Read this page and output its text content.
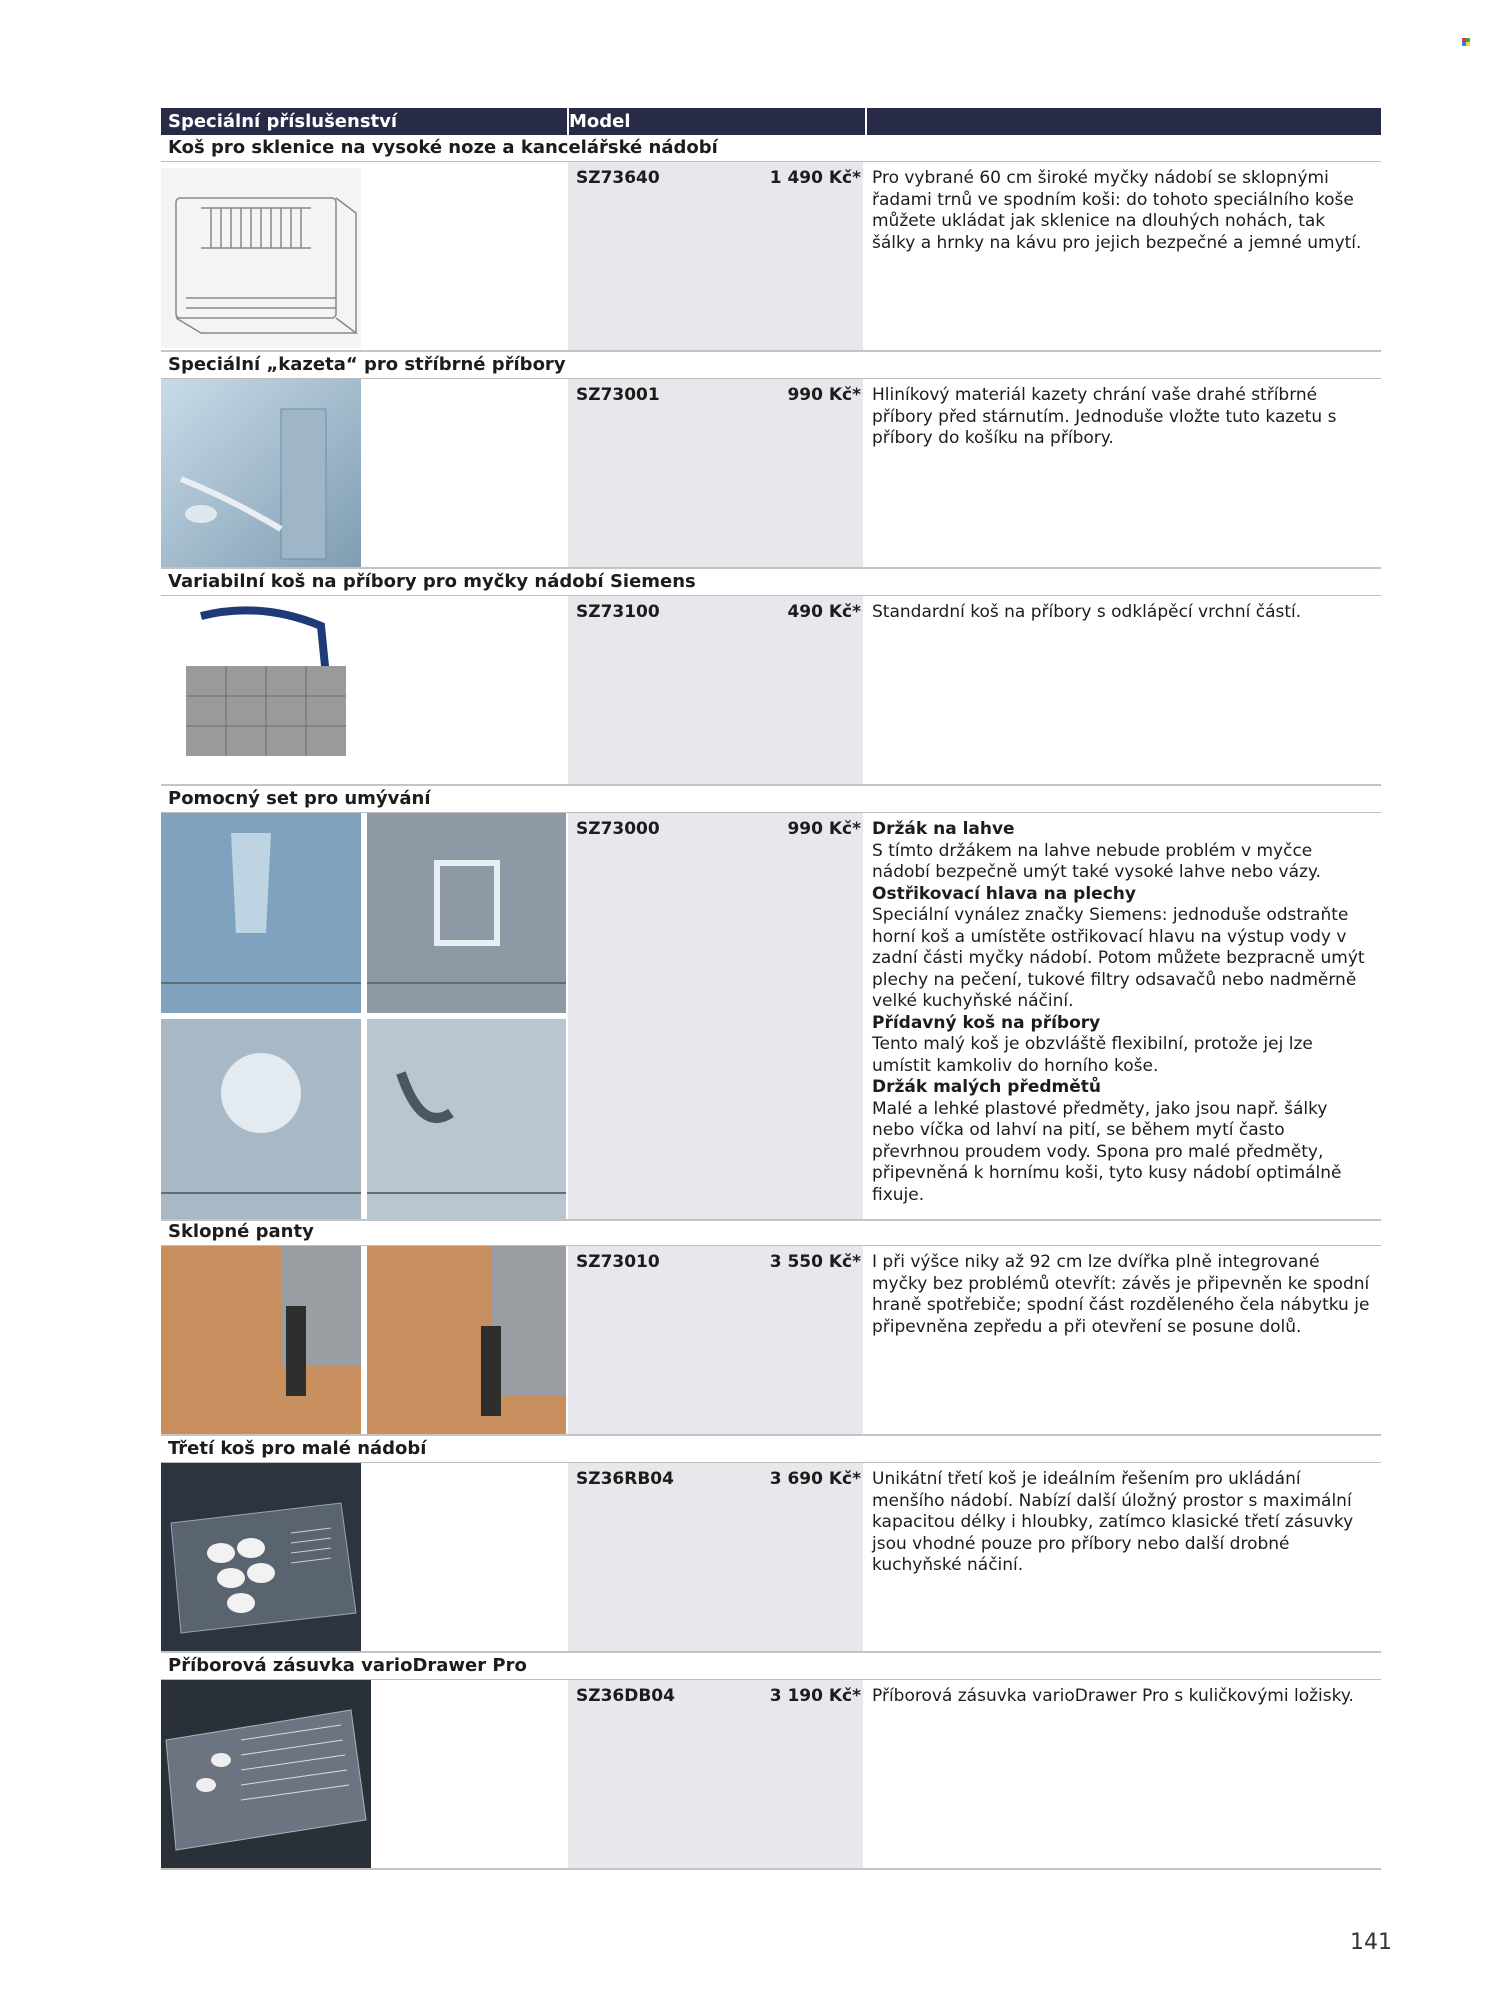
Speciální příslušenství	Model
Koš pro sklenice na vysoké noze a kancelářské nádobí
SZ73640	1 490 Kč* Pro vybrané 60 cm široké myčky nádobí se sklopnými řadami trnů ve spodním koši: do tohoto speciálního koše můžete ukládat jak sklenice na dlouhých nohách, tak šálky a hrnky na kávu pro jejich bezpečné a jemné umytí.

Speciální „kazeta“ pro stříbrné příbory
SZ73001	990 Kč* Hliníkový materiál kazety chrání vaše drahé stříbrné příbory před stárnutím. Jednoduše vložte tuto kazetu s příbory do košíku na příbory.

Variabilní koš na příbory pro myčky nádobí Siemens
SZ73100	490 Kč* Standardní koš na příbory s odklápěcí vrchní částí.

Pomocný set pro umývání
SZ73000	990 Kč* Držák na lahve

S tímto držákem na lahve nebude problém v myčce nádobí bezpečně umýt také vysoké lahve nebo vázy.

Ostřikovací hlava na plechy

Speciální vynález značky Siemens: jednoduše odstraňte horní koš a umístěte ostřikovací hlavu na výstup vody v zadní části myčky nádobí. Potom můžete bezpracně umýt plechy na pečení, tukové filtry odsavačů nebo nadměrně velké kuchyňské náčiní.

Přídavný koš na příbory

Tento malý koš je obzvláště flexibilní, protože jej lze umístit kamkoliv do horního koše.

Držák malých předmětů

Malé a lehké plastové předměty, jako jsou např. šálky nebo víčka od lahví na pití, se během mytí často převrhnou proudem vody. Spona pro malé předměty, připevněná k hornímu koši, tyto kusy nádobí optimálně fixuje.

Sklopné panty
SZ73010	3 550 Kč* I při výšce niky až 92 cm lze dvířka plně integrované myčky bez problémů otevřít: závěs je připevněn ke spodní hraně spotřebiče; spodní část rozděleného čela nábytku je připevněna zepředu a při otevření se posune dolů.

Třetí koš pro malé nádobí
SZ36RB04	3 690 Kč* Unikátní třetí koš je ideálním řešením pro ukládání menšího nádobí. Nabízí další úložný prostor s maximální kapacitou délky i hloubky, zatímco klasické třetí zásuvky jsou vhodné pouze pro příbory nebo další drobné kuchyňské náčiní.

Příborová zásuvka varioDrawer Pro
SZ36DB04	3 190 Kč* Příborová zásuvka varioDrawer Pro s kuličkovými ložisky.

141
